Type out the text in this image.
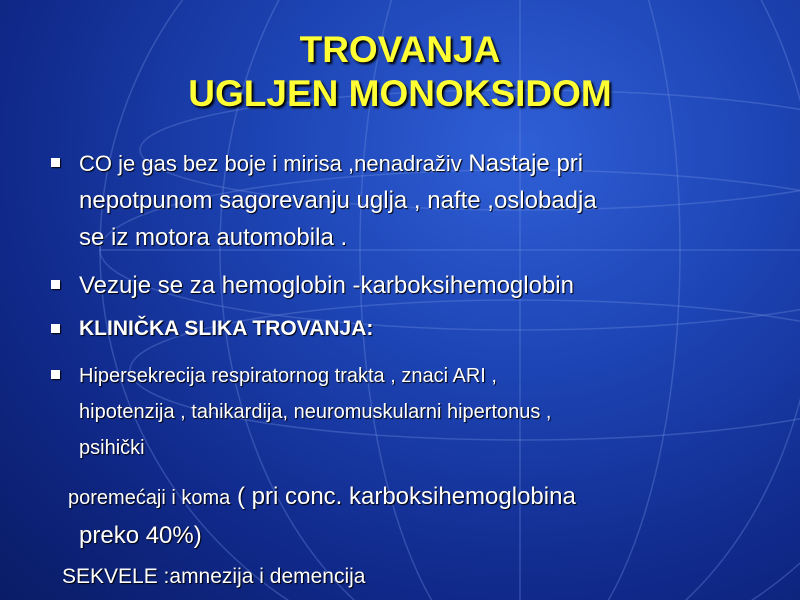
TROVANJA
UGLJEN MONOKSIDOM
CO je gas bez boje i mirisa ,nenadraživ Nastaje pri
nepotpunom sagorevanju uglja , nafte ,oslobadja
se iz motora automobila .
Vezuje se za hemoglobin -karboksihemoglobin
KLINIČKA SLIKA TROVANJA:
Hipersekrecija respiratornog trakta , znaci ARI ,
hipotenzija , tahikardija, neuromuskularni hipertonus ,
psihički
poremećaji i koma ( pri conc. karboksihemoglobina
preko 40%)
SEKVELE :amnezija i demencija
